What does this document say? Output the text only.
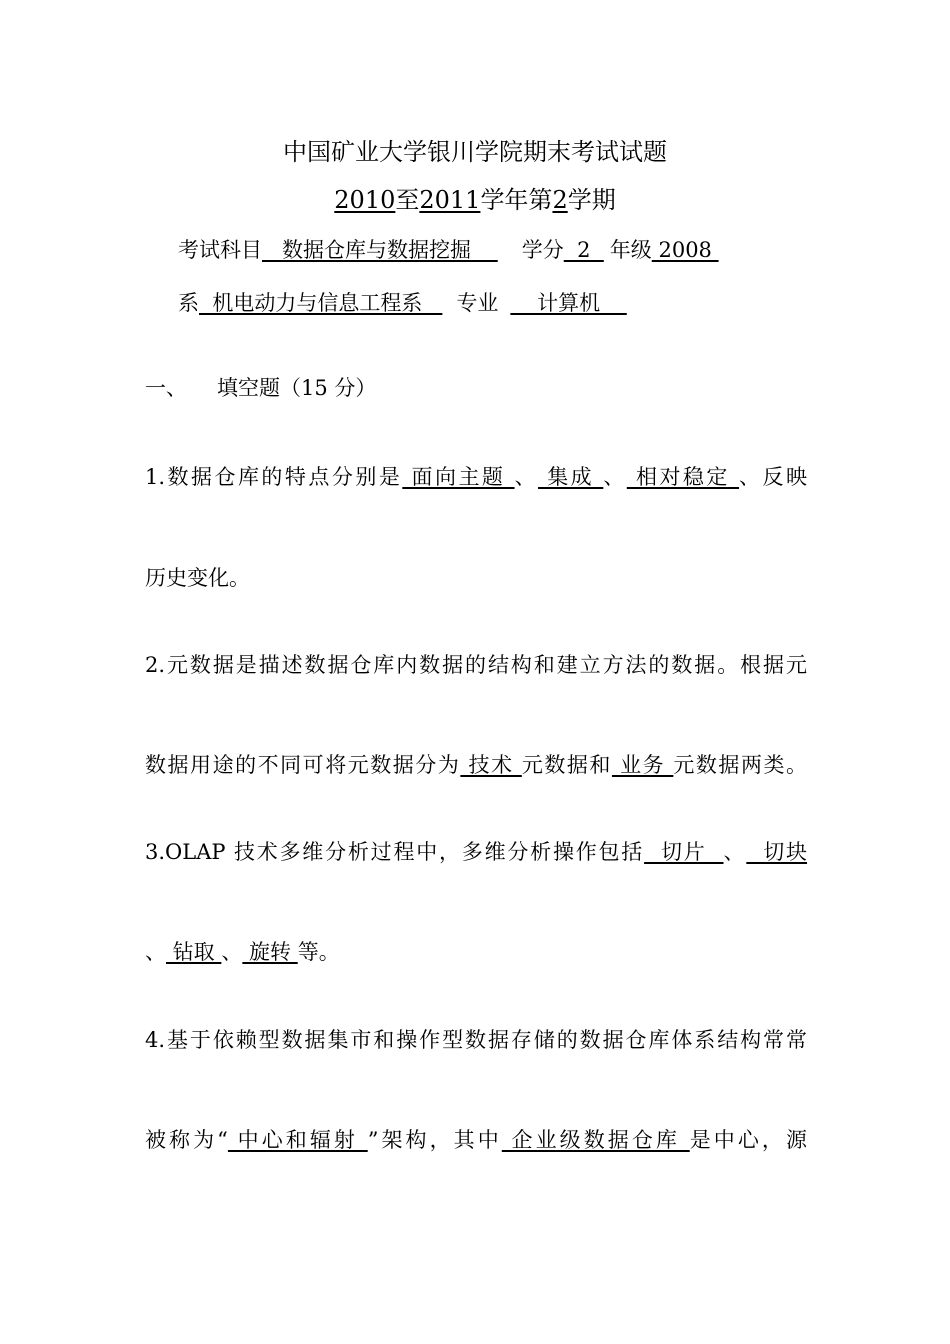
中国矿业大学银川学院期末考试试题
2010至2011学年第2学期
考试科目   数据仓库与数据挖掘    学分  2  年级 2008
系  机电动力与信息工程系   专业    计算机
一、 填空题（15 分）
1.数据仓库的特点分别是 面向主题 、 集成 、 相对稳定 、反映
历史变化。
2.元数据是描述数据仓库内数据的结构和建立方法的数据。根据元
数据用途的不同可将元数据分为 技术 元数据和 业务 元数据两类。
3.OLAP 技术多维分析过程中，多维分析操作包括  切片  、  切块
、 钻取 、 旋转 等。
4.基于依赖型数据集市和操作型数据存储的数据仓库体系结构常常
被称为“ 中心和辐射 ”架构，其中 企业级数据仓库 是中心，源
